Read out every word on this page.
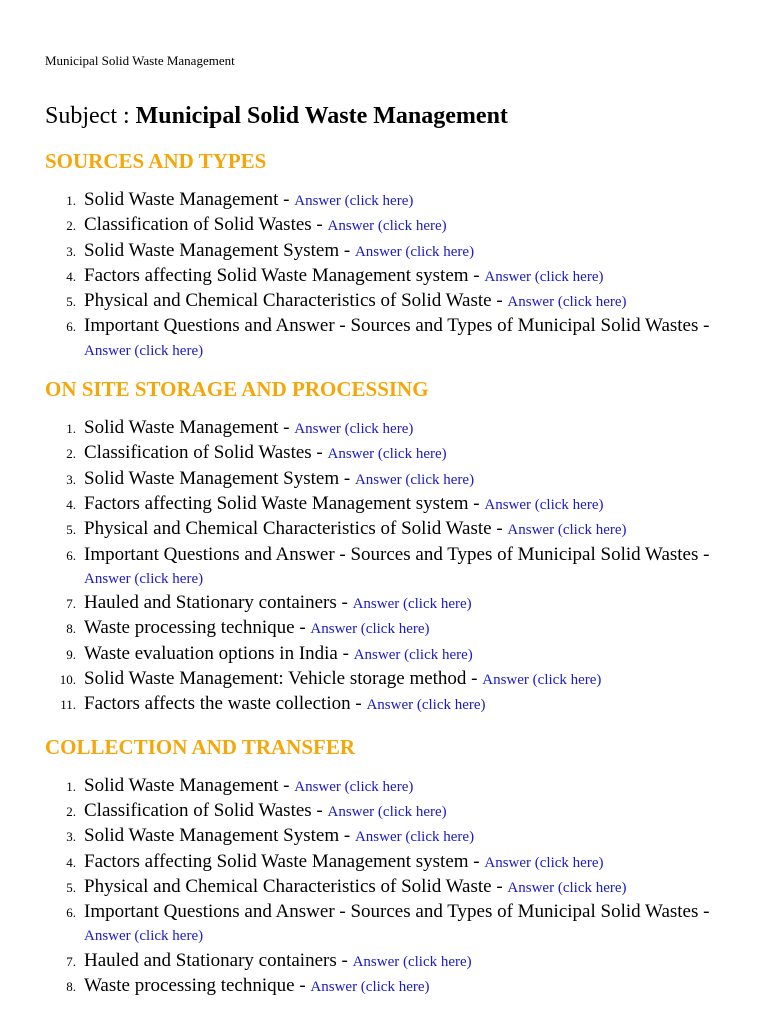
Municipal Solid Waste Management

Subject : Municipal Solid Waste Management
SOURCES AND TYPES
1. Solid Waste Management - Answer (click here)
2. Classification of Solid Wastes - Answer (click here)
3. Solid Waste Management System - Answer (click here)
4. Factors affecting Solid Waste Management system - Answer (click here)
5. Physical and Chemical Characteristics of Solid Waste - Answer (click here)
6. Important Questions and Answer - Sources and Types of Municipal Solid Wastes - Answer (click here)
ON SITE STORAGE AND PROCESSING
1. Solid Waste Management - Answer (click here)
2. Classification of Solid Wastes - Answer (click here)
3. Solid Waste Management System - Answer (click here)
4. Factors affecting Solid Waste Management system - Answer (click here)
5. Physical and Chemical Characteristics of Solid Waste - Answer (click here)
6. Important Questions and Answer - Sources and Types of Municipal Solid Wastes - Answer (click here)
7. Hauled and Stationary containers - Answer (click here)
8. Waste processing technique - Answer (click here)
9. Waste evaluation options in India - Answer (click here)
10. Solid Waste Management: Vehicle storage method - Answer (click here)
11. Factors affects the waste collection - Answer (click here)
COLLECTION AND TRANSFER
1. Solid Waste Management - Answer (click here)
2. Classification of Solid Wastes - Answer (click here)
3. Solid Waste Management System - Answer (click here)
4. Factors affecting Solid Waste Management system - Answer (click here)
5. Physical and Chemical Characteristics of Solid Waste - Answer (click here)
6. Important Questions and Answer - Sources and Types of Municipal Solid Wastes - Answer (click here)
7. Hauled and Stationary containers - Answer (click here)
8. Waste processing technique - Answer (click here)
